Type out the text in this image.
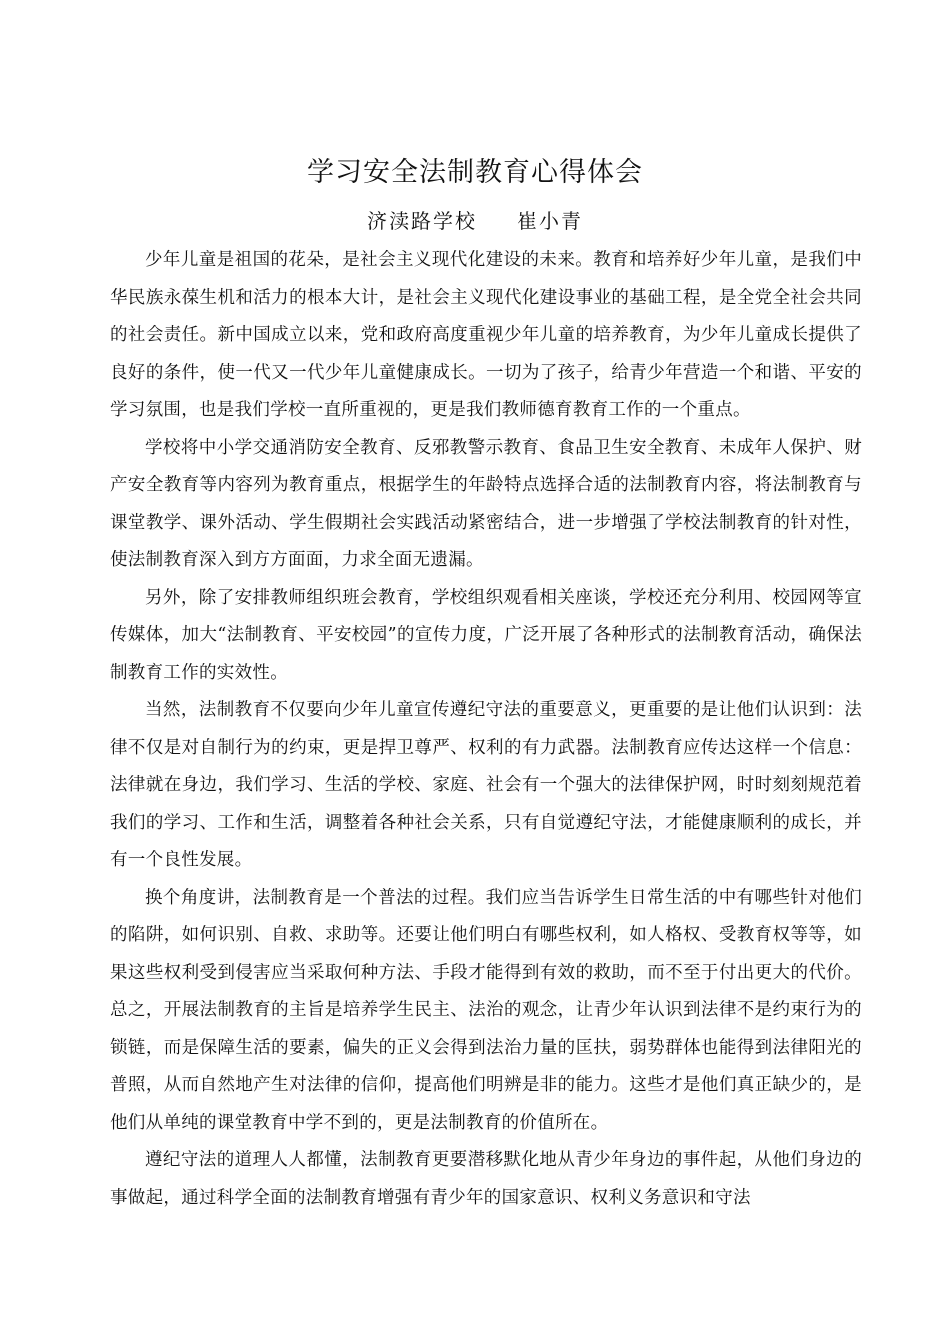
学习安全法制教育心得体会
济渎路学校 崔小青

少年儿童是祖国的花朵，是社会主义现代化建设的未来。教育和培养好少年儿童，是我们中华民族永葆生机和活力的根本大计，是社会主义现代化建设事业的基础工程，是全党全社会共同的社会责任。新中国成立以来，党和政府高度重视少年儿童的培养教育，为少年儿童成长提供了良好的条件，使一代又一代少年儿童健康成长。一切为了孩子，给青少年营造一个和谐、平安的学习氛围，也是我们学校一直所重视的，更是我们教师德育教育工作的一个重点。

学校将中小学交通消防安全教育、反邪教警示教育、食品卫生安全教育、未成年人保护、财产安全教育等内容列为教育重点，根据学生的年龄特点选择合适的法制教育内容，将法制教育与课堂教学、课外活动、学生假期社会实践活动紧密结合，进一步增强了学校法制教育的针对性，使法制教育深入到方方面面，力求全面无遗漏。

另外，除了安排教师组织班会教育，学校组织观看相关座谈，学校还充分利用、校园网等宣传媒体，加大“法制教育、平安校园”的宣传力度，广泛开展了各种形式的法制教育活动，确保法制教育工作的实效性。

当然，法制教育不仅要向少年儿童宣传遵纪守法的重要意义，更重要的是让他们认识到：法律不仅是对自制行为的约束，更是捍卫尊严、权利的有力武器。法制教育应传达这样一个信息：法律就在身边，我们学习、生活的学校、家庭、社会有一个强大的法律保护网，时时刻刻规范着我们的学习、工作和生活，调整着各种社会关系，只有自觉遵纪守法，才能健康顺利的成长，并有一个良性发展。

换个角度讲，法制教育是一个普法的过程。我们应当告诉学生日常生活的中有哪些针对他们的陷阱，如何识别、自救、求助等。还要让他们明白有哪些权利，如人格权、受教育权等等，如果这些权利受到侵害应当采取何种方法、手段才能得到有效的救助，而不至于付出更大的代价。总之，开展法制教育的主旨是培养学生民主、法治的观念，让青少年认识到法律不是约束行为的锁链，而是保障生活的要素，偏失的正义会得到法治力量的匡扶，弱势群体也能得到法律阳光的普照，从而自然地产生对法律的信仰，提高他们明辨是非的能力。这些才是他们真正缺少的，是他们从单纯的课堂教育中学不到的，更是法制教育的价值所在。

遵纪守法的道理人人都懂，法制教育更要潜移默化地从青少年身边的事件起，从他们身边的事做起，通过科学全面的法制教育增强有青少年的国家意识、权利义务意识和守法
